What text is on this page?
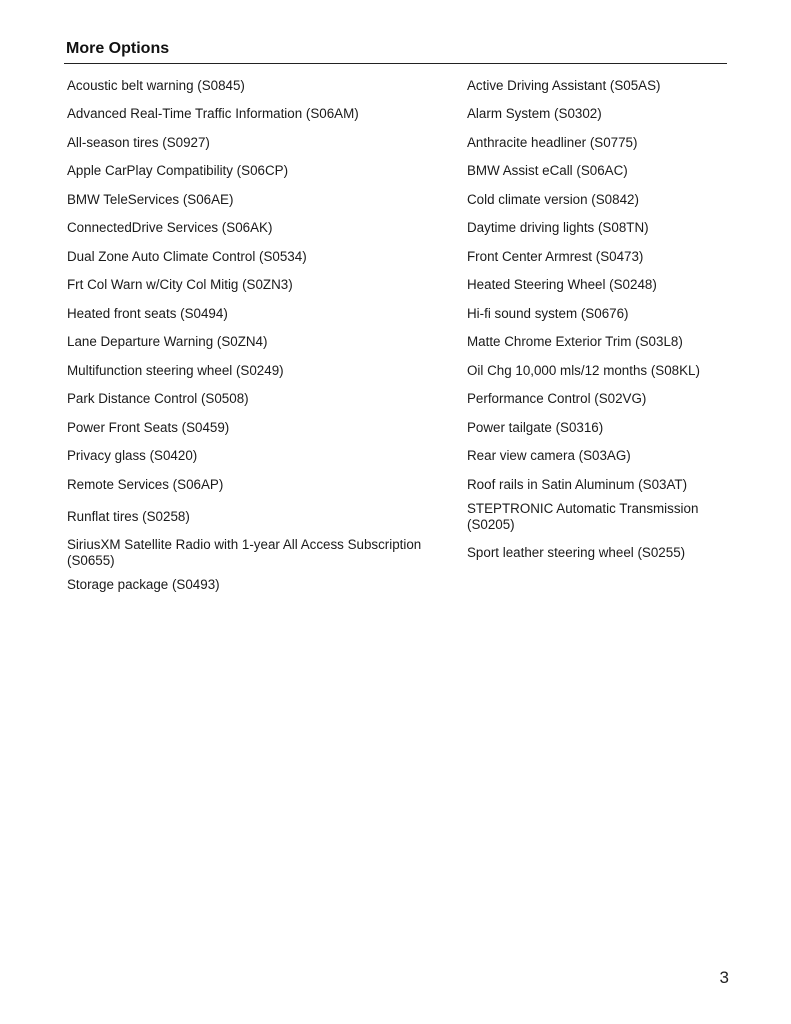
More Options
Acoustic belt warning (S0845)	Active Driving Assistant (S05AS)
Advanced Real-Time Traffic Information (S06AM)	Alarm System (S0302)
All-season tires (S0927)	Anthracite headliner (S0775)
Apple CarPlay Compatibility (S06CP)	BMW Assist eCall (S06AC)
BMW TeleServices (S06AE)	Cold climate version (S0842)
ConnectedDrive Services (S06AK)	Daytime driving lights (S08TN)
Dual Zone Auto Climate Control (S0534)	Front Center Armrest (S0473)
Frt Col Warn w/City Col Mitig (S0ZN3)	Heated Steering Wheel (S0248)
Heated front seats (S0494)	Hi-fi sound system (S0676)
Lane Departure Warning (S0ZN4)	Matte Chrome Exterior Trim (S03L8)
Multifunction steering wheel (S0249)	Oil Chg 10,000 mls/12 months (S08KL)
Park Distance Control (S0508)	Performance Control (S02VG)
Power Front Seats (S0459)	Power tailgate (S0316)
Privacy glass (S0420)	Rear view camera (S03AG)
Remote Services (S06AP)	Roof rails in Satin Aluminum (S03AT)
Runflat tires (S0258)	STEPTRONIC Automatic Transmission (S0205)
SiriusXM Satellite Radio with 1-year All Access Subscription (S0655)	Sport leather steering wheel (S0255)
Storage package (S0493)	
3
